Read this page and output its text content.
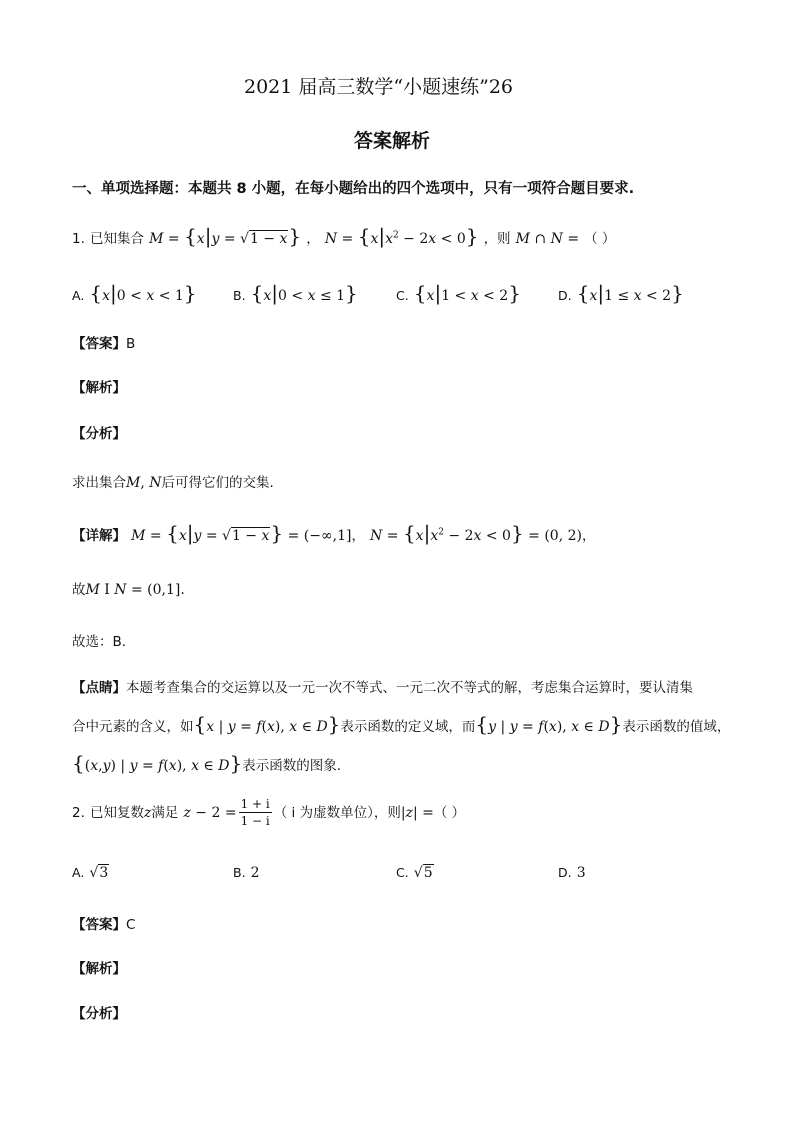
2021 届高三数学“小题速练”26
答案解析
一、单项选择题：本题共 8 小题，在每小题给出的四个选项中，只有一项符合题目要求.
1. 已知集合 M = {x|y = √1 − x} ， $N = \{x|x^2 - 2x < 0\}$ ，则 M ∩ N = （ ）
A. {x|0 < x < 1}	B. {x|0 < x ≤ 1}	C. {x|1 < x < 2}	D. {x|1 ≤ x < 2}
【答案】B
【解析】
【分析】
求出集合M, N后可得它们的交集.
【详解】 M = {x|y = √1 − x} = (−∞,1]， $N = \{x|x^2 - 2x < 0\} = (0$, 2)，
故M I N = (0,1].
故选：B.
【点睛】本题考查集合的交运算以及一元一次不等式、一元二次不等式的解，考虑集合运算时，要认清集
合中元素的含义，如{x | y = f(x), x ∈ D}表示函数的定义域，而{y | y = f(x), x ∈ D}表示函数的值域，
{(x,y) | y = f(x), x ∈ D}表示函数的图象.
2. 已知复数z满足 $z - 2 = \frac{1 + i}{1 - i}$ （ i 为虚数单位），则|z| =（ ）
A. √3	B. 2	C. √5	D. 3
【答案】C
【解析】
【分析】
